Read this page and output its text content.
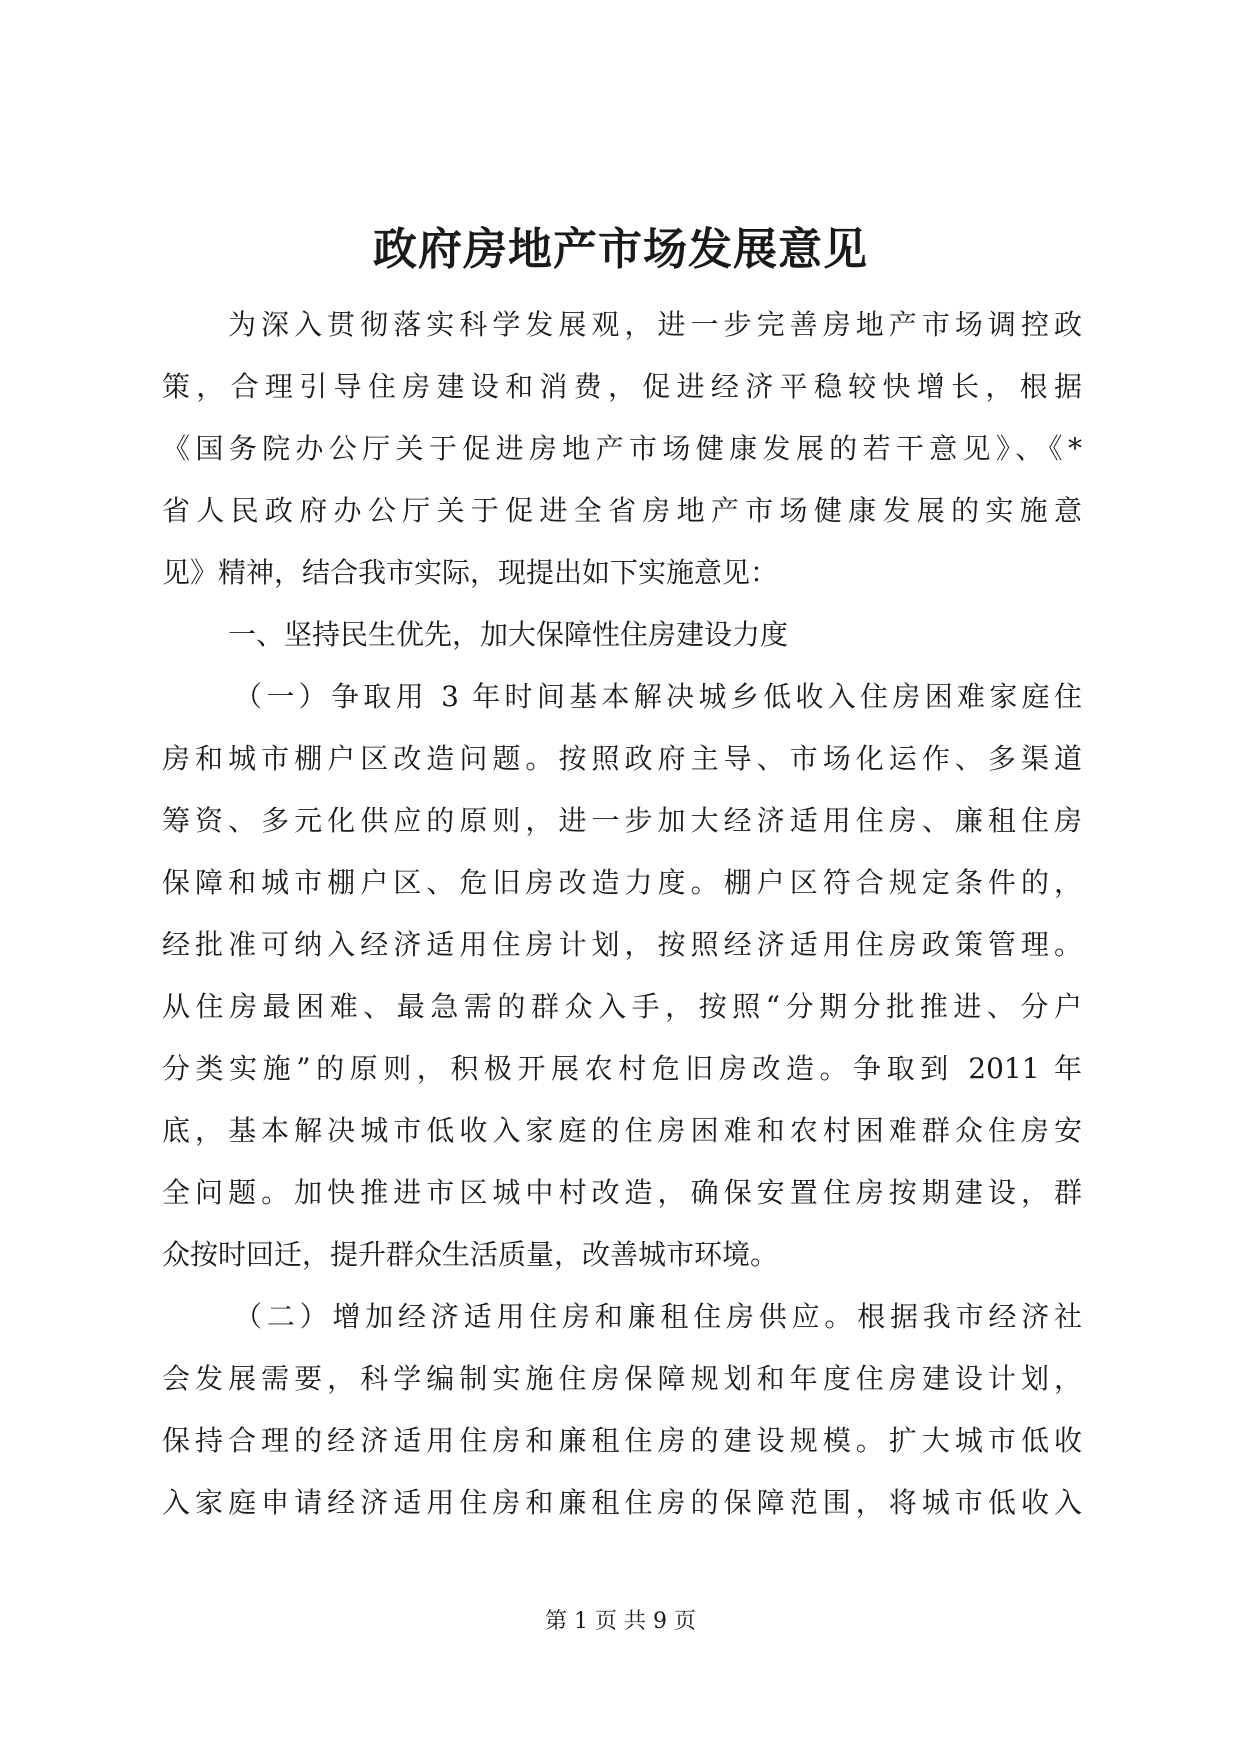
政府房地产市场发展意见
为深入贯彻落实科学发展观，进一步完善房地产市场调控政
策，合理引导住房建设和消费，促进经济平稳较快增长，根据
《国务院办公厅关于促进房地产市场健康发展的若干意见》、《*
省人民政府办公厅关于促进全省房地产市场健康发展的实施意
见》精神，结合我市实际，现提出如下实施意见：
一、坚持民生优先，加大保障性住房建设力度
（一）争取用 3 年时间基本解决城乡低收入住房困难家庭住
房和城市棚户区改造问题。按照政府主导、市场化运作、多渠道
筹资、多元化供应的原则，进一步加大经济适用住房、廉租住房
保障和城市棚户区、危旧房改造力度。棚户区符合规定条件的，
经批准可纳入经济适用住房计划，按照经济适用住房政策管理。
从住房最困难、最急需的群众入手，按照“分期分批推进、分户
分类实施”的原则，积极开展农村危旧房改造。争取到 2011 年
底，基本解决城市低收入家庭的住房困难和农村困难群众住房安
全问题。加快推进市区城中村改造，确保安置住房按期建设，群
众按时回迁，提升群众生活质量，改善城市环境。
（二）增加经济适用住房和廉租住房供应。根据我市经济社
会发展需要，科学编制实施住房保障规划和年度住房建设计划，
保持合理的经济适用住房和廉租住房的建设规模。扩大城市低收
入家庭申请经济适用住房和廉租住房的保障范围，将城市低收入
第 1 页 共 9 页
